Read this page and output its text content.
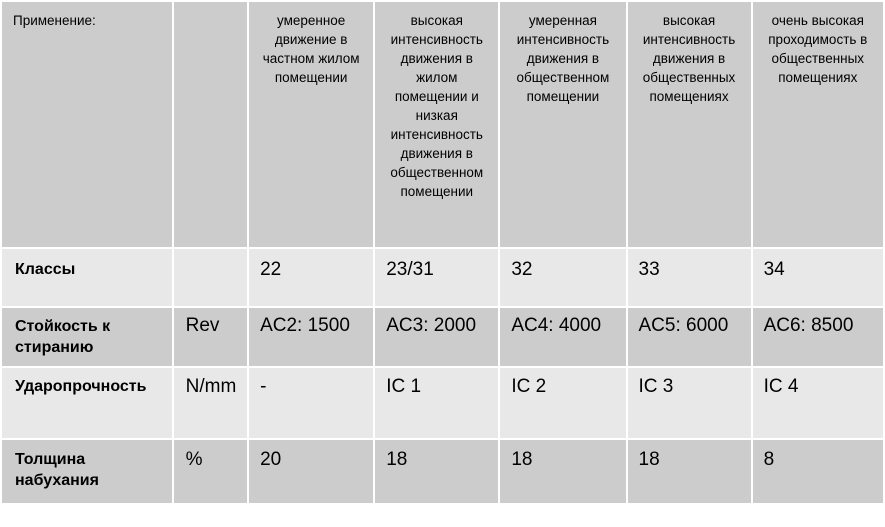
Применение:		умеренное движение в частном жилом помещении	высокая интенсивность движения в жилом помещении и низкая интенсивность движения в общественном помещении	умеренная интенсивность движения в общественном помещении	высокая интенсивность движения в общественных помещениях	очень высокая проходимость в общественных помещениях

Классы		22	23/31	32	33	34

Стойкость к стиранию	Rev	AC2: 1500	AC3: 2000	AC4: 4000	AC5: 6000	AC6: 8500

Ударопрочность	N/mm	-	IC 1	IC 2	IC 3	IC 4

Толщина набухания	%	20	18	18	18	8
